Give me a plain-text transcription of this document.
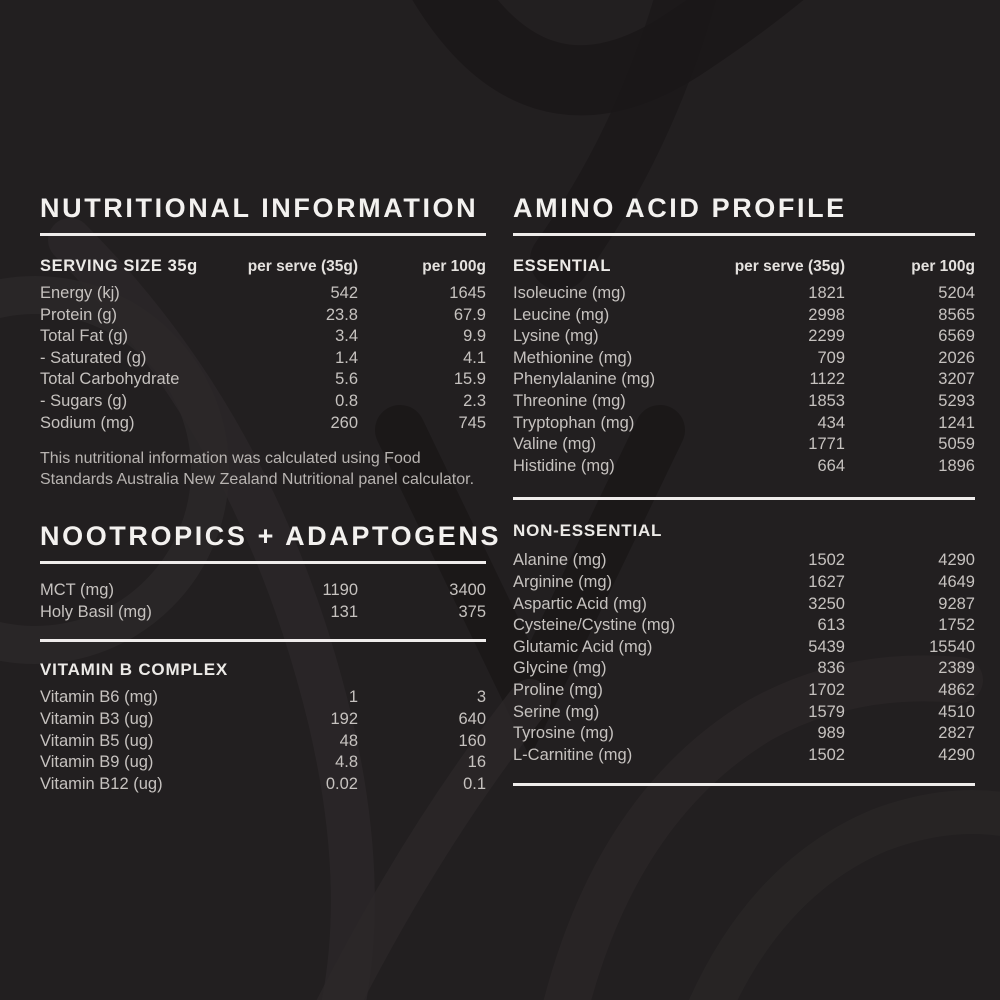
NUTRITIONAL INFORMATION
SERVING SIZE 35g	per serve (35g)	per 100g
Energy (kj)	542	1645
Protein (g)	23.8	67.9
Total Fat (g)	3.4	9.9
- Saturated (g)	1.4	4.1
Total Carbohydrate	5.6	15.9
- Sugars (g)	0.8	2.3
Sodium (mg)	260	745

This nutritional information was calculated using Food Standards Australia New Zealand Nutritional panel calculator.

NOOTROPICS + ADAPTOGENS
MCT (mg)	1190	3400
Holy Basil (mg)	131	375
VITAMIN B COMPLEX
Vitamin B6 (mg)	1	3
Vitamin B3 (ug)	192	640
Vitamin B5 (ug)	48	160
Vitamin B9 (ug)	4.8	16
Vitamin B12 (ug)	0.02	0.1
AMINO ACID PROFILE
ESSENTIAL	per serve (35g)	per 100g
Isoleucine (mg)	1821	5204
Leucine (mg)	2998	8565
Lysine (mg)	2299	6569
Methionine (mg)	709	2026
Phenylalanine (mg)	1122	3207
Threonine (mg)	1853	5293
Tryptophan (mg)	434	1241
Valine (mg)	1771	5059
Histidine (mg)	664	1896
NON-ESSENTIAL
Alanine (mg)	1502	4290
Arginine (mg)	1627	4649
Aspartic Acid (mg)	3250	9287
Cysteine/Cystine (mg)	613	1752
Glutamic Acid (mg)	5439	15540
Glycine (mg)	836	2389
Proline (mg)	1702	4862
Serine (mg)	1579	4510
Tyrosine (mg)	989	2827
L-Carnitine (mg)	1502	4290
